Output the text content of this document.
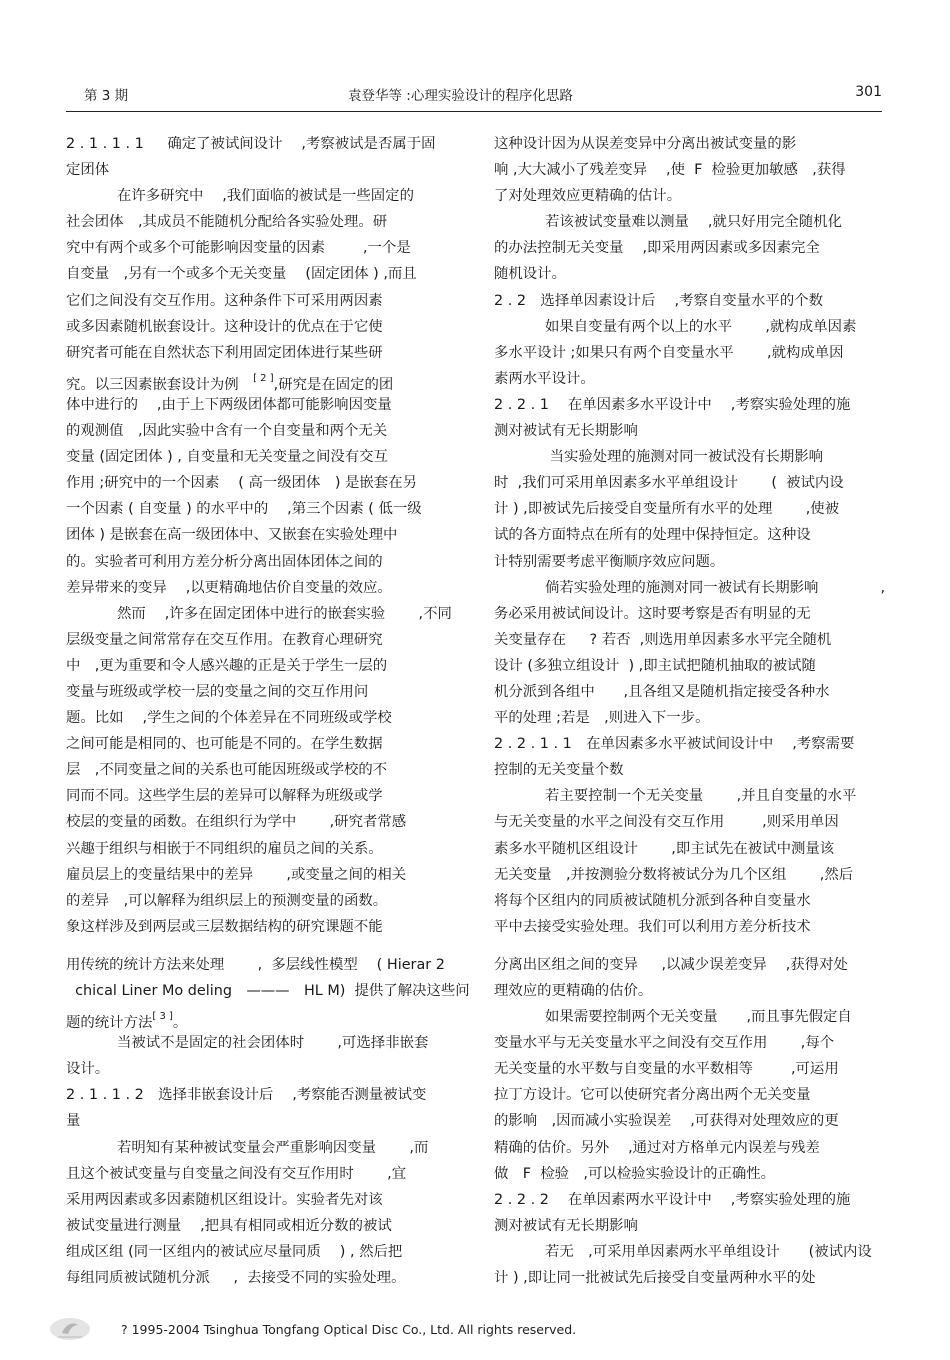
第 3 期	袁登华等 :心理实验设计的程序化思路	301
2 . 1 . 1 . 1　  确定了被试间设计　 ,考察被试是否属于固
定团体
在许多研究中　 ,我们面临的被试是一些固定的
社会团体　,其成员不能随机分配给各实验处理。研
究中有两个或多个可能影响因变量的因素　　  ,一个是
自变量　,另有一个或多个无关变量　 (固定团体 ) ,而且
它们之间没有交互作用。这种条件下可采用两因素
或多因素随机嵌套设计。这种设计的优点在于它使
研究者可能在自然状态下利用固定团体进行某些研
究。以三因素嵌套设计为例　[ 2 ],研究是在固定的团
体中进行的　 ,由于上下两级团体都可能影响因变量
的观测值　,因此实验中含有一个自变量和两个无关
变量 (固定团体 ) , 自变量和无关变量之间没有交互
作用 ;研究中的一个因素　 ( 高一级团体　) 是嵌套在另
一个因素 ( 自变量 ) 的水平中的　 ,第三个因素 ( 低一级
团体 ) 是嵌套在高一级团体中、又嵌套在实验处理中
的。实验者可利用方差分析分离出固体团体之间的
差异带来的变异　 ,以更精确地估价自变量的效应。
然而　 ,许多在固定团体中进行的嵌套实验　　 ,不同
层级变量之间常常存在交互作用。在教育心理研究
中　,更为重要和令人感兴趣的正是关于学生一层的
变量与班级或学校一层的变量之间的交互作用问
题。比如　 ,学生之间的个体差异在不同班级或学校
之间可能是相同的、也可能是不同的。在学生数据
层　,不同变量之间的关系也可能因班级或学校的不
同而不同。这些学生层的差异可以解释为班级或学
校层的变量的函数。在组织行为学中　　 ,研究者常感
兴趣于组织与相嵌于不同组织的雇员之间的关系。
雇员层上的变量结果中的差异　　 ,或变量之间的相关
的差异　,可以解释为组织层上的预测变量的函数。
象这样涉及到两层或三层数据结构的研究课题不能
用传统的统计方法来处理　　 ,  多层线性模型　 ( Hierar 2
chical Liner Mo deling　———　HL M)  提供了解决这些问
题的统计方法[ 3 ]。
当被试不是固定的社会团体时　　 ,可选择非嵌套
设计。
2 . 1 . 1 . 2　选择非嵌套设计后　 ,考察能否测量被试变
量
若明知有某种被试变量会严重影响因变量　　 ,而
且这个被试变量与自变量之间没有交互作用时　　 ,宜
采用两因素或多因素随机区组设计。实验者先对该
被试变量进行测量　 ,把具有相同或相近分数的被试
组成区组 (同一区组内的被试应尽量同质　 ) , 然后把
每组同质被试随机分派　  ,  去接受不同的实验处理。
这种设计因为从误差变异中分离出被试变量的影
响 ,大大减小了残差变异　 ,使  F  检验更加敏感　,获得
了对处理效应更精确的估计。
若该被试变量难以测量　 ,就只好用完全随机化
的办法控制无关变量　 ,即采用两因素或多因素完全
随机设计。
2 . 2　选择单因素设计后　 ,考察自变量水平的个数
如果自变量有两个以上的水平　　 ,就构成单因素
多水平设计 ;如果只有两个自变量水平　　 ,就构成单因
素两水平设计。
2 . 2 . 1　 在单因素多水平设计中　 ,考察实验处理的施
测对被试有无长期影响
当实验处理的施测对同一被试没有长期影响
时  ,我们可采用单因素多水平单组设计　　 (  被试内设
计 ) ,即被试先后接受自变量所有水平的处理　　 ,使被
试的各方面特点在所有的处理中保持恒定。这种设
计特别需要考虑平衡顺序效应问题。
倘若实验处理的施测对同一被试有长期影响　　　　 ,
务必采用被试间设计。这时要考察是否有明显的无
关变量存在　  ? 若否  ,则选用单因素多水平完全随机
设计 (多独立组设计  ) ,即主试把随机抽取的被试随
机分派到各组中　　,且各组又是随机指定接受各种水
平的处理 ;若是　,则进入下一步。
2 . 2 . 1 . 1　在单因素多水平被试间设计中　 ,考察需要
控制的无关变量个数
若主要控制一个无关变量　　 ,并且自变量的水平
与无关变量的水平之间没有交互作用　　  ,则采用单因
素多水平随机区组设计　　 ,即主试先在被试中测量该
无关变量　,并按测验分数将被试分为几个区组　　 ,然后
将每个区组内的同质被试随机分派到各种自变量水
平中去接受实验处理。我们可以利用方差分析技术
分离出区组之间的变异　  ,以减少误差变异　 ,获得对处
理效应的更精确的估价。
如果需要控制两个无关变量　　,而且事先假定自
变量水平与无关变量水平之间没有交互作用　　 ,每个
无关变量的水平数与自变量的水平数相等　　  ,可运用
拉丁方设计。它可以使研究者分离出两个无关变量
的影响　,因而减小实验误差　 ,可获得对处理效应的更
精确的估价。另外　 ,通过对方格单元内误差与残差
做　F  检验　,可以检验实验设计的正确性。
2 . 2 . 2　 在单因素两水平设计中　 ,考察实验处理的施
测对被试有无长期影响
若无　,可采用单因素两水平单组设计　　(被试内设
计 ) ,即让同一批被试先后接受自变量两种水平的处
? 1995-2004 Tsinghua Tongfang Optical Disc Co., Ltd. All rights reserved.
